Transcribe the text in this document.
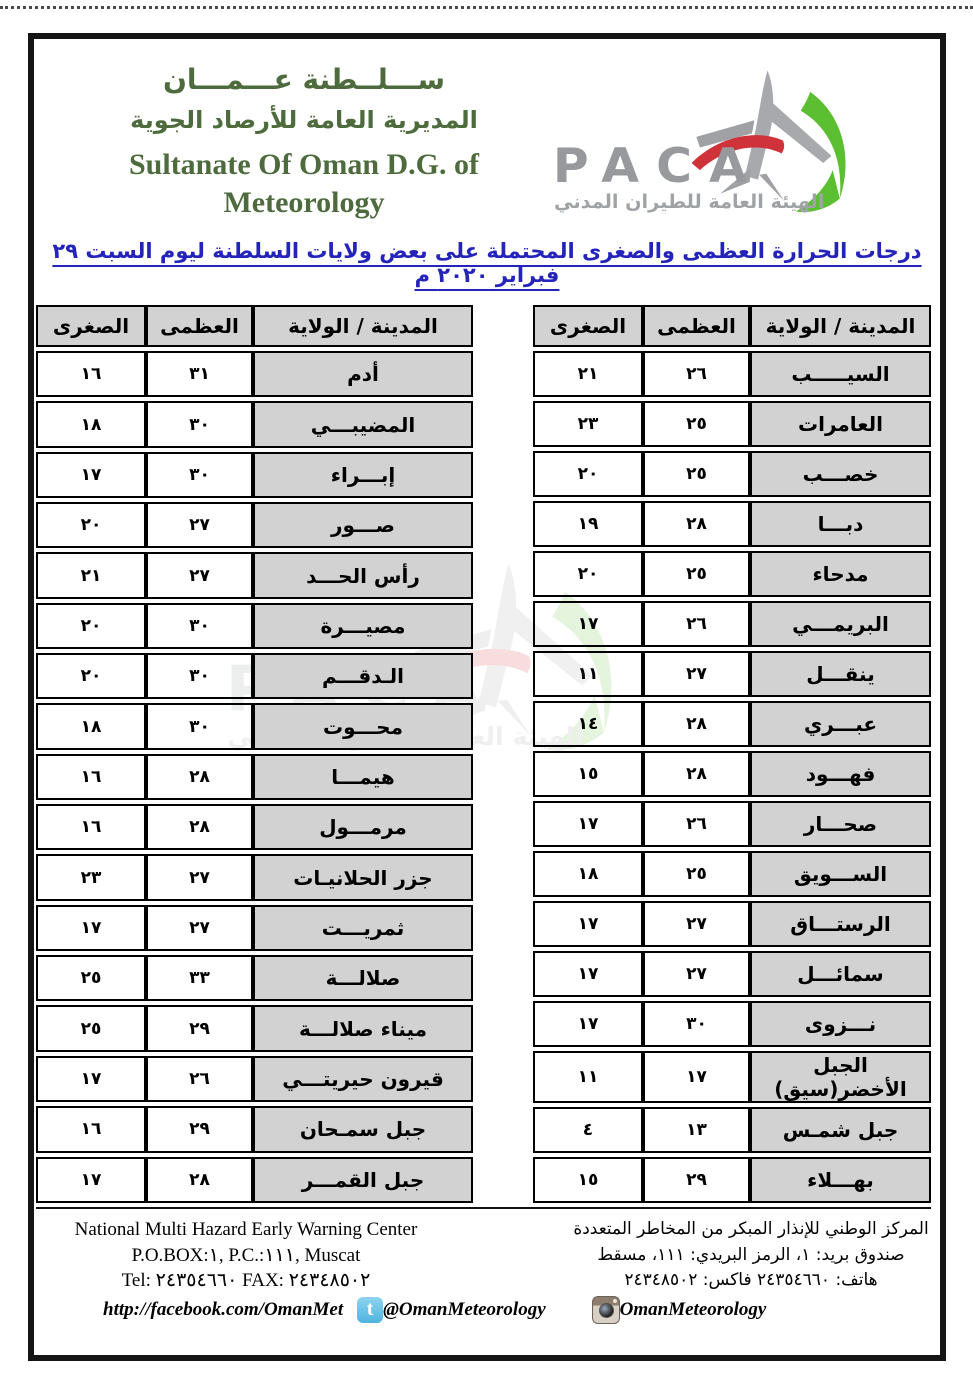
ســـلــطنة عـــمـــان
المديرية العامة للأرصاد الجوية
Sultanate Of Oman D.G. of Meteorology
درجات الحرارة العظمى والصغرى المحتملة على بعض ولايات السلطنة ليوم السبت ٢٩ فبراير ٢٠٢٠ م
المدينة / الولاية	العظمى	الصغرى
أدم	٣١	١٦
المضيبـــي	٣٠	١٨
إبـــراء	٣٠	١٧
صـــور	٢٧	٢٠
رأس الحـــد	٢٧	٢١
مصيـــرة	٣٠	٢٠
الـدقـــم	٣٠	٢٠
محـــوت	٣٠	١٨
هيمـــا	٢٨	١٦
مرمـــول	٢٨	١٦
جزر الحلانيـات	٢٧	٢٣
ثمريـــت	٢٧	١٧
صلالـــة	٣٣	٢٥
ميناء صلالـــة	٢٩	٢٥
قيرون حيريتـــي	٢٦	١٧
جبل سمـحان	٢٩	١٦
جبل القمـــر	٢٨	١٧
المدينة / الولاية	العظمى	الصغرى
السيـــــب	٢٦	٢١
العامرات	٢٥	٢٣
خصـــب	٢٥	٢٠
دبـــا	٢٨	١٩
مدحاء	٢٥	٢٠
البريمـــي	٢٦	١٧
ينقـــل	٢٧	١١
عبـــري	٢٨	١٤
فهـــود	٢٨	١٥
صحـــار	٢٦	١٧
الســـويق	٢٥	١٨
الرستـــاق	٢٧	١٧
سمائـــل	٢٧	١٧
نـــزوى	٣٠	١٧
الجبل الأخضر(سيق)	١٧	١١
جبل شمـس	١٣	٤
بهـــلاء	٢٩	١٥
National Multi Hazard Early Warning Center
P.O.BOX:١, P.C.:١١١, Muscat
Tel: ٢٤٣٥٤٦٦٠ FAX: ٢٤٣٤٨٥٠٢
المركز الوطني للإنذار المبكر من المخاطر المتعددة
صندوق بريد: ١، الرمز البريدي: ١١١، مسقط
هاتف: ٢٤٣٥٤٦٦٠ فاكس: ٢٤٣٤٨٥٠٢
http://facebook.com/OmanMet	t @OmanMeteorology	OmanMeteorology
